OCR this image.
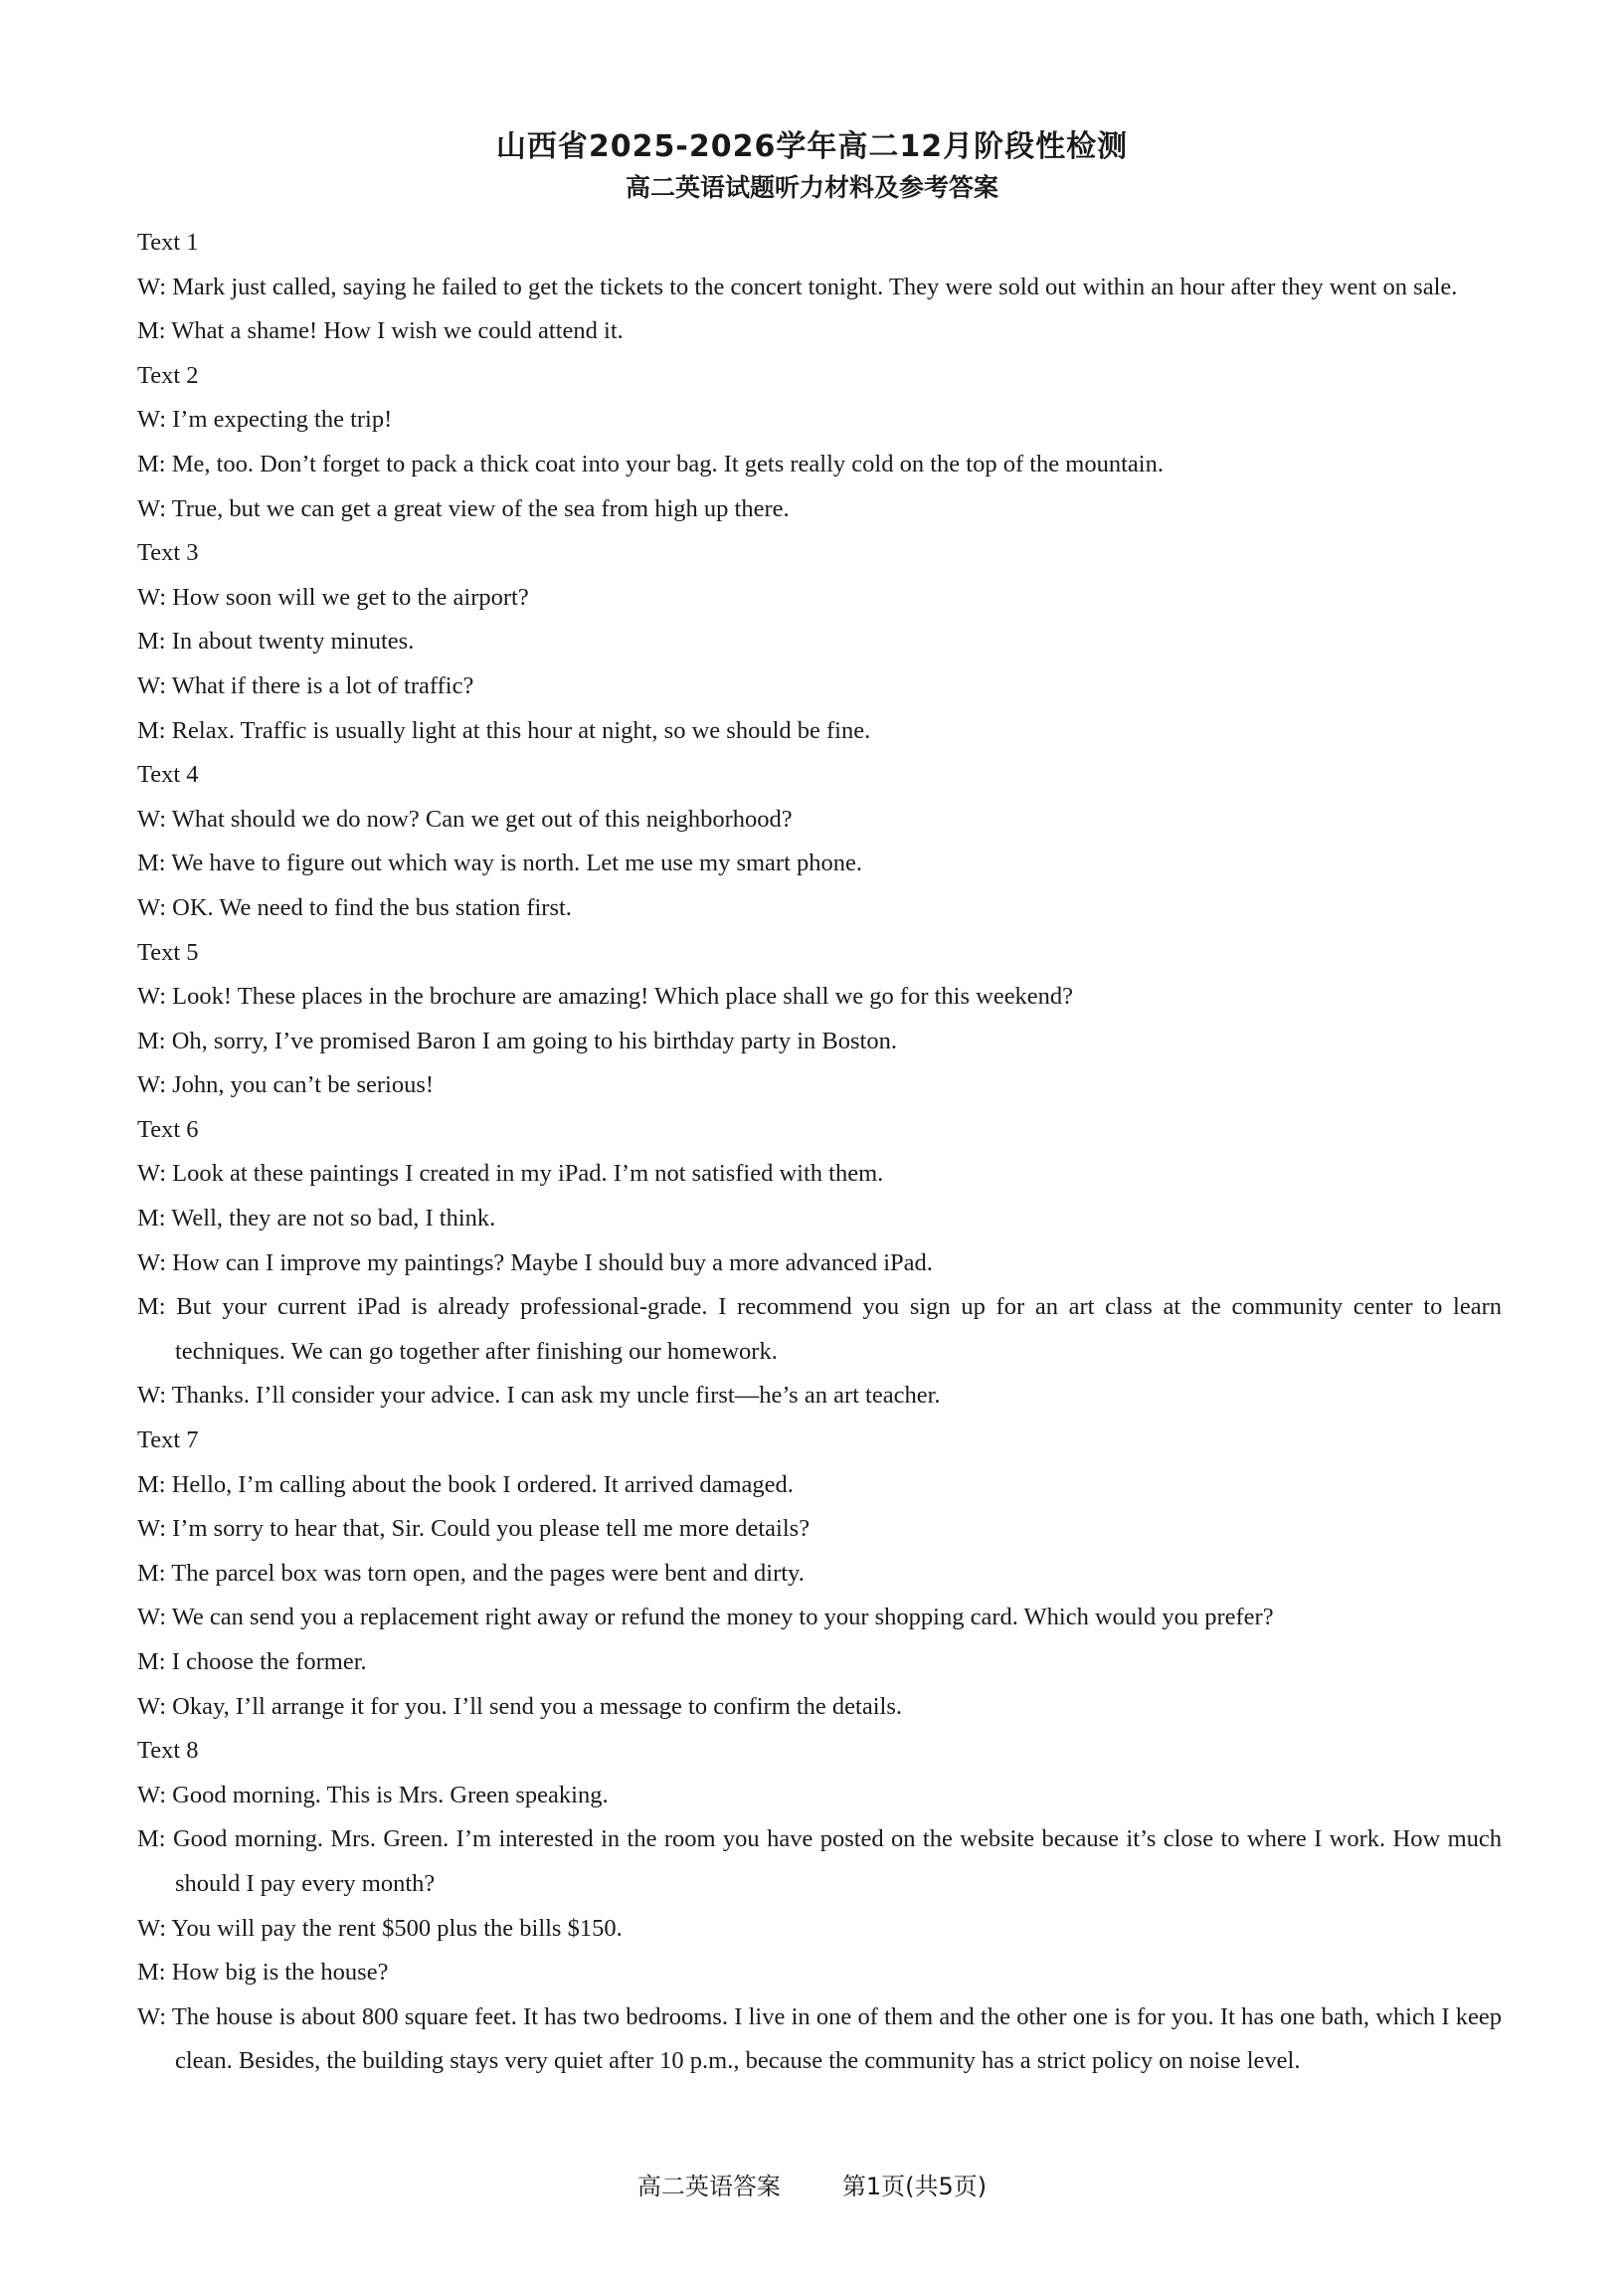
山西省2025-2026学年高二12月阶段性检测
高二英语试题听力材料及参考答案
Text 1
W: Mark just called, saying he failed to get the tickets to the concert tonight. They were sold out within an hour after they went on sale.
M: What a shame! How I wish we could attend it.
Text 2
W: I’m expecting the trip!
M: Me, too. Don’t forget to pack a thick coat into your bag. It gets really cold on the top of the mountain.
W: True, but we can get a great view of the sea from high up there.
Text 3
W: How soon will we get to the airport?
M: In about twenty minutes.
W: What if there is a lot of traffic?
M: Relax. Traffic is usually light at this hour at night, so we should be fine.
Text 4
W: What should we do now? Can we get out of this neighborhood?
M: We have to figure out which way is north. Let me use my smart phone.
W: OK. We need to find the bus station first.
Text 5
W: Look! These places in the brochure are amazing! Which place shall we go for this weekend?
M: Oh, sorry, I’ve promised Baron I am going to his birthday party in Boston.
W: John, you can’t be serious!
Text 6
W: Look at these paintings I created in my iPad. I’m not satisfied with them.
M: Well, they are not so bad, I think.
W: How can I improve my paintings? Maybe I should buy a more advanced iPad.
M: But your current iPad is already professional-grade. I recommend you sign up for an art class at the community center to learn techniques. We can go together after finishing our homework.
W: Thanks. I’ll consider your advice. I can ask my uncle first—he’s an art teacher.
Text 7
M: Hello, I’m calling about the book I ordered. It arrived damaged.
W: I’m sorry to hear that, Sir. Could you please tell me more details?
M: The parcel box was torn open, and the pages were bent and dirty.
W: We can send you a replacement right away or refund the money to your shopping card. Which would you prefer?
M: I choose the former.
W: Okay, I’ll arrange it for you. I’ll send you a message to confirm the details.
Text 8
W: Good morning. This is Mrs. Green speaking.
M: Good morning. Mrs. Green. I’m interested in the room you have posted on the website because it’s close to where I work. How much should I pay every month?
W: You will pay the rent $500 plus the bills $150.
M: How big is the house?
W: The house is about 800 square feet. It has two bedrooms. I live in one of them and the other one is for you. It has one bath, which I keep clean. Besides, the building stays very quiet after 10 p.m., because the community has a strict policy on noise level.
高二英语答案	第1页(共5页)
